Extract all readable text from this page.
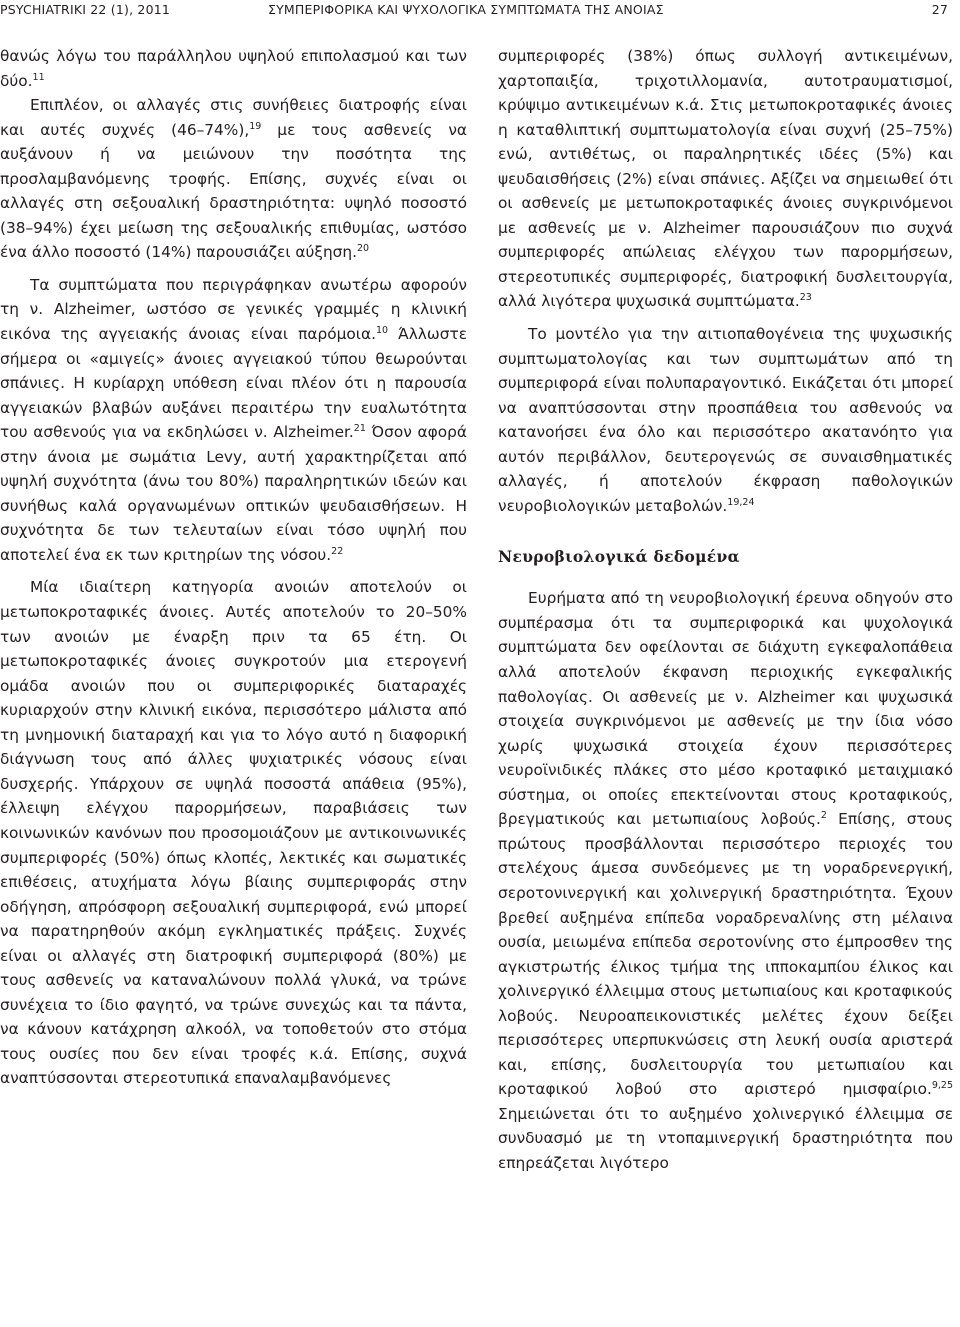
PSYCHIATRIKI 22 (1), 2011	ΣΥΜΠΕΡΙΦΟΡΙΚΑ ΚΑΙ ΨΥΧΟΛΟΓΙΚΑ ΣΥΜΠΤΩΜΑΤΑ ΤΗΣ ΑΝΟΙΑΣ	27

θανώς λόγω του παράλληλου υψηλού επιπολασμού και των δύο.$^{11}$

Επιπλέον, οι αλλαγές στις συνήθειες διατροφής είναι και αυτές συχνές (46–74%),$^{19}$ με τους ασθενείς να αυξάνουν ή να μειώνουν την ποσότητα της προσλαμβανόμενης τροφής. Επίσης, συχνές είναι οι αλλαγές στη σεξουαλική δραστηριότητα: υψηλό ποσοστό (38–94%) έχει μείωση της σεξουαλικής επιθυμίας, ωστόσο ένα άλλο ποσοστό (14%) παρουσιάζει αύξηση.$^{20}$

Τα συμπτώματα που περιγράφηκαν ανωτέρω αφορούν τη ν. Alzheimer, ωστόσο σε γενικές γραμμές η κλινική εικόνα της αγγειακής άνοιας είναι παρόμοια.$^{10}$ Άλλωστε σήμερα οι «αμιγείς» άνοιες αγγειακού τύπου θεωρούνται σπάνιες. Η κυρίαρχη υπόθεση είναι πλέον ότι η παρουσία αγγειακών βλαβών αυξάνει περαιτέρω την ευαλωτότητα του ασθενούς για να εκδηλώσει ν. Alzheimer.$^{21}$ Όσον αφορά στην άνοια με σωμάτια Levy, αυτή χαρακτηρίζεται από υψηλή συχνότητα (άνω του 80%) παραληρητικών ιδεών και συνήθως καλά οργανωμένων οπτικών ψευδαισθήσεων. Η συχνότητα δε των τελευταίων είναι τόσο υψηλή που αποτελεί ένα εκ των κριτηρίων της νόσου.$^{22}$

Μία ιδιαίτερη κατηγορία ανοιών αποτελούν οι μετωποκροταφικές άνοιες. Αυτές αποτελούν το 20–50% των ανοιών με έναρξη πριν τα 65 έτη. Οι μετωποκροταφικές άνοιες συγκροτούν μια ετερογενή ομάδα ανοιών που οι συμπεριφορικές διαταραχές κυριαρχούν στην κλινική εικόνα, περισσότερο μάλιστα από τη μνημονική διαταραχή και για το λόγο αυτό η διαφορική διάγνωση τους από άλλες ψυχιατρικές νόσους είναι δυσχερής. Υπάρχουν σε υψηλά ποσοστά απάθεια (95%), έλλειψη ελέγχου παρορμήσεων, παραβιάσεις των κοινωνικών κανόνων που προσομοιάζουν με αντικοινωνικές συμπεριφορές (50%) όπως κλοπές, λεκτικές και σωματικές επιθέσεις, ατυχήματα λόγω βίαιης συμπεριφοράς στην οδήγηση, απρόσφορη σεξουαλική συμπεριφορά, ενώ μπορεί να παρατηρηθούν ακόμη εγκληματικές πράξεις. Συχνές είναι οι αλλαγές στη διατροφική συμπεριφορά (80%) με τους ασθενείς να καταναλώνουν πολλά γλυκά, να τρώνε συνέχεια το ίδιο φαγητό, να τρώνε συνεχώς και τα πάντα, να κάνουν κατάχρηση αλκοόλ, να τοποθετούν στο στόμα τους ουσίες που δεν είναι τροφές κ.ά. Επίσης, συχνά αναπτύσσονται στερεοτυπικά επαναλαμβανόμενες

συμπεριφορές (38%) όπως συλλογή αντικειμένων, χαρτοπαιξία, τριχοτιλλομανία, αυτοτραυματισμοί, κρύψιμο αντικειμένων κ.ά. Στις μετωποκροταφικές άνοιες η καταθλιπτική συμπτωματολογία είναι συχνή (25–75%) ενώ, αντιθέτως, οι παραληρητικές ιδέες (5%) και ψευδαισθήσεις (2%) είναι σπάνιες. Αξίζει να σημειωθεί ότι οι ασθενείς με μετωποκροταφικές άνοιες συγκρινόμενοι με ασθενείς με ν. Alzheimer παρουσιάζουν πιο συχνά συμπεριφορές απώλειας ελέγχου των παρορμήσεων, στερεοτυπικές συμπεριφορές, διατροφική δυσλειτουργία, αλλά λιγότερα ψυχωσικά συμπτώματα.$^{23}$

Το μοντέλο για την αιτιοπαθογένεια της ψυχωσικής συμπτωματολογίας και των συμπτωμάτων από τη συμπεριφορά είναι πολυπαραγοντικό. Εικάζεται ότι μπορεί να αναπτύσσονται στην προσπάθεια του ασθενούς να κατανοήσει ένα όλο και περισσότερο ακατανόητο για αυτόν περιβάλλον, δευτερογενώς σε συναισθηματικές αλλαγές, ή αποτελούν έκφραση παθολογικών νευροβιολογικών μεταβολών.$^{19,24}$

Νευροβιολογικά δεδομένα

Ευρήματα από τη νευροβιολογική έρευνα οδηγούν στο συμπέρασμα ότι τα συμπεριφορικά και ψυχολογικά συμπτώματα δεν οφείλονται σε διάχυτη εγκεφαλοπάθεια αλλά αποτελούν έκφανση περιοχικής εγκεφαλικής παθολογίας. Οι ασθενείς με ν. Alzheimer και ψυχωσικά στοιχεία συγκρινόμενοι με ασθενείς με την ίδια νόσο χωρίς ψυχωσικά στοιχεία έχουν περισσότερες νευροϊνιδικές πλάκες στο μέσο κροταφικό μεταιχμιακό σύστημα, οι οποίες επεκτείνονται στους κροταφικούς, βρεγματικούς και μετωπιαίους λοβούς.$^2$ Επίσης, στους πρώτους προσβάλλονται περισσότερο περιοχές του στελέχους άμεσα συνδεόμενες με τη νοραδρενεργική, σεροτονινεργική και χολινεργική δραστηριότητα. Έχουν βρεθεί αυξημένα επίπεδα νοραδρεναλίνης στη μέλαινα ουσία, μειωμένα επίπεδα σεροτονίνης στο έμπροσθεν της αγκιστρωτής έλικος τμήμα της ιπποκαμπίου έλικος και χολινεργικό έλλειμμα στους μετωπιαίους και κροταφικούς λοβούς. Νευροαπεικονιστικές μελέτες έχουν δείξει περισσότερες υπερπυκνώσεις στη λευκή ουσία αριστερά και, επίσης, δυσλειτουργία του μετωπιαίου και κροταφικού λοβού στο αριστερό ημισφαίριο.$^{9,25}$ Σημειώνεται ότι το αυξημένο χολινεργικό έλλειμμα σε συνδυασμό με τη ντοπαμινεργική δραστηριότητα που επηρεάζεται λιγότερο
